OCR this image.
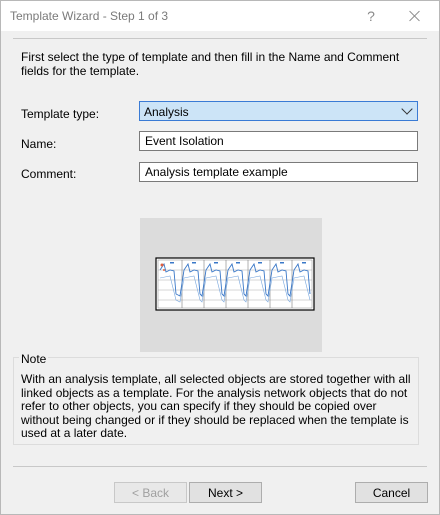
Template Wizard - Step 1 of 3	?
First select the type of template and then fill in the Name and Comment fields for the template.
Template type:	Analysis
Name:	Event Isolation
Comment:	Analysis template example
Note
With an analysis template, all selected objects are stored together with all linked objects as a template. For the analysis network objects that do not refer to other objects, you can specify if they should be copied over without being changed or if they should be replaced when the template is used at a later date.
< Back	Next >	Cancel
